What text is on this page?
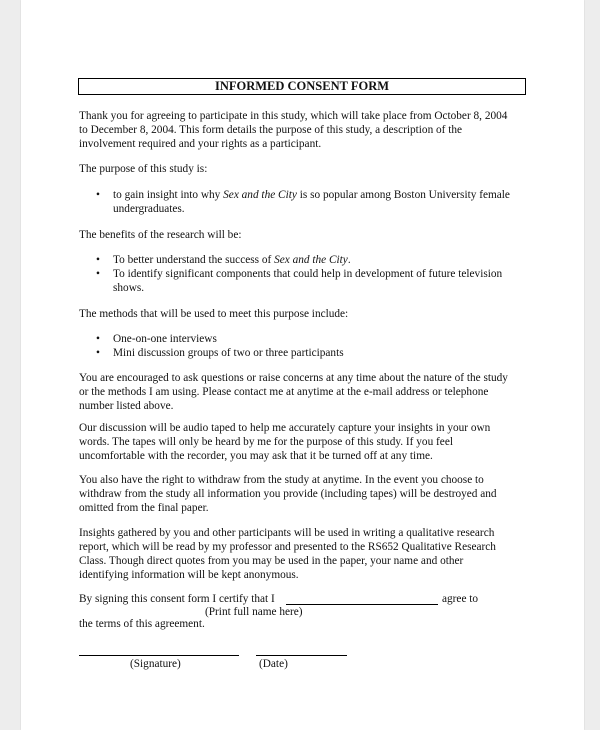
INFORMED CONSENT FORM
Thank you for agreeing to participate in this study, which will take place from October 8, 2004
to December 8, 2004. This form details the purpose of this study, a description of the
involvement required and your rights as a participant.
The purpose of this study is:
•	to gain insight into why Sex and the City is so popular among Boston University female
undergraduates.
The benefits of the research will be:
•	To better understand the success of Sex and the City.
•	To identify significant components that could help in development of future television
shows.
The methods that will be used to meet this purpose include:
•	One-on-one interviews
•	Mini discussion groups of two or three participants
You are encouraged to ask questions or raise concerns at any time about the nature of the study
or the methods I am using. Please contact me at anytime at the e-mail address or telephone
number listed above.
Our discussion will be audio taped to help me accurately capture your insights in your own
words. The tapes will only be heard by me for the purpose of this study. If you feel
uncomfortable with the recorder, you may ask that it be turned off at any time.
You also have the right to withdraw from the study at anytime. In the event you choose to
withdraw from the study all information you provide (including tapes) will be destroyed and
omitted from the final paper.
Insights gathered by you and other participants will be used in writing a qualitative research
report, which will be read by my professor and presented to the RS652 Qualitative Research
Class. Though direct quotes from you may be used in the paper, your name and other
identifying information will be kept anonymous.
By signing this consent form I certify that I	agree to
(Print full name here)
the terms of this agreement.
(Signature)	(Date)
